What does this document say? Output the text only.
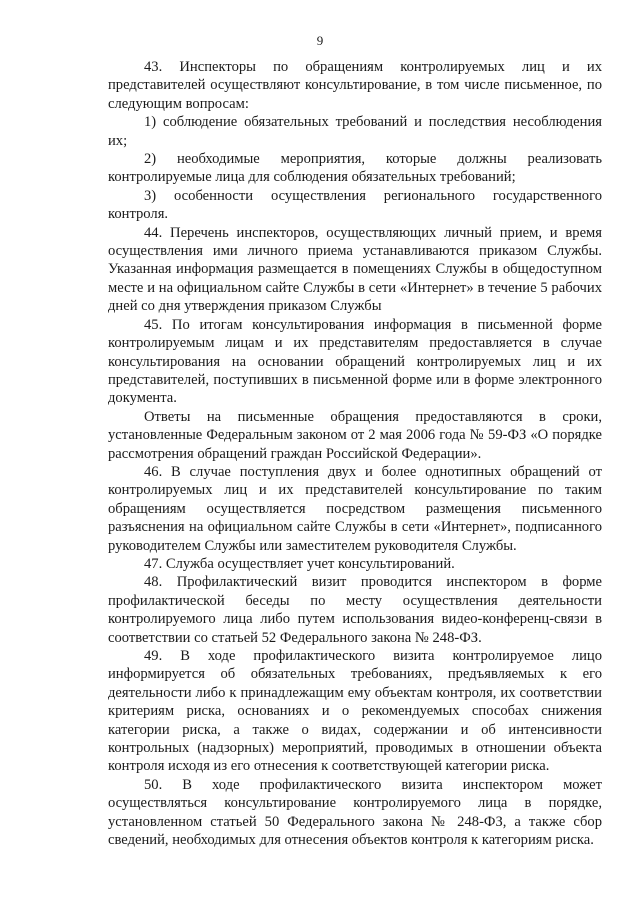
9

43. Инспекторы по обращениям контролируемых лиц и их представителей осуществляют консультирование, в том числе письменное, по следующим вопросам:

1) соблюдение обязательных требований и последствия несоблюдения их;

2) необходимые мероприятия, которые должны реализовать контролируемые лица для соблюдения обязательных требований;

3) особенности осуществления регионального государственного контроля.

44. Перечень инспекторов, осуществляющих личный прием, и время осуществления ими личного приема устанавливаются приказом Службы. Указанная информация размещается в помещениях Службы в общедоступном месте и на официальном сайте Службы в сети «Интернет» в течение 5 рабочих дней со дня утверждения приказом Службы

45. По итогам консультирования информация в письменной форме контролируемым лицам и их представителям предоставляется в случае консультирования на основании обращений контролируемых лиц и их представителей, поступивших в письменной форме или в форме электронного документа.

Ответы на письменные обращения предоставляются в сроки, установленные Федеральным законом от 2 мая 2006 года № 59-ФЗ «О порядке рассмотрения обращений граждан Российской Федерации».

46. В случае поступления двух и более однотипных обращений от контролируемых лиц и их представителей консультирование по таким обращениям осуществляется посредством размещения письменного разъяснения на официальном сайте Службы в сети «Интернет», подписанного руководителем Службы или заместителем руководителя Службы.

47. Служба осуществляет учет консультирований.

48. Профилактический визит проводится инспектором в форме профилактической беседы по месту осуществления деятельности контролируемого лица либо путем использования видео-конференц-связи в соответствии со статьей 52 Федерального закона № 248-ФЗ.

49. В ходе профилактического визита контролируемое лицо информируется об обязательных требованиях, предъявляемых к его деятельности либо к принадлежащим ему объектам контроля, их соответствии критериям риска, основаниях и о рекомендуемых способах снижения категории риска, а также о видах, содержании и об интенсивности контрольных (надзорных) мероприятий, проводимых в отношении объекта контроля исходя из его отнесения к соответствующей категории риска.

50. В ходе профилактического визита инспектором может осуществляться консультирование контролируемого лица в порядке, установленном статьей 50 Федерального закона № 248-ФЗ, а также сбор сведений, необходимых для отнесения объектов контроля к категориям риска.
